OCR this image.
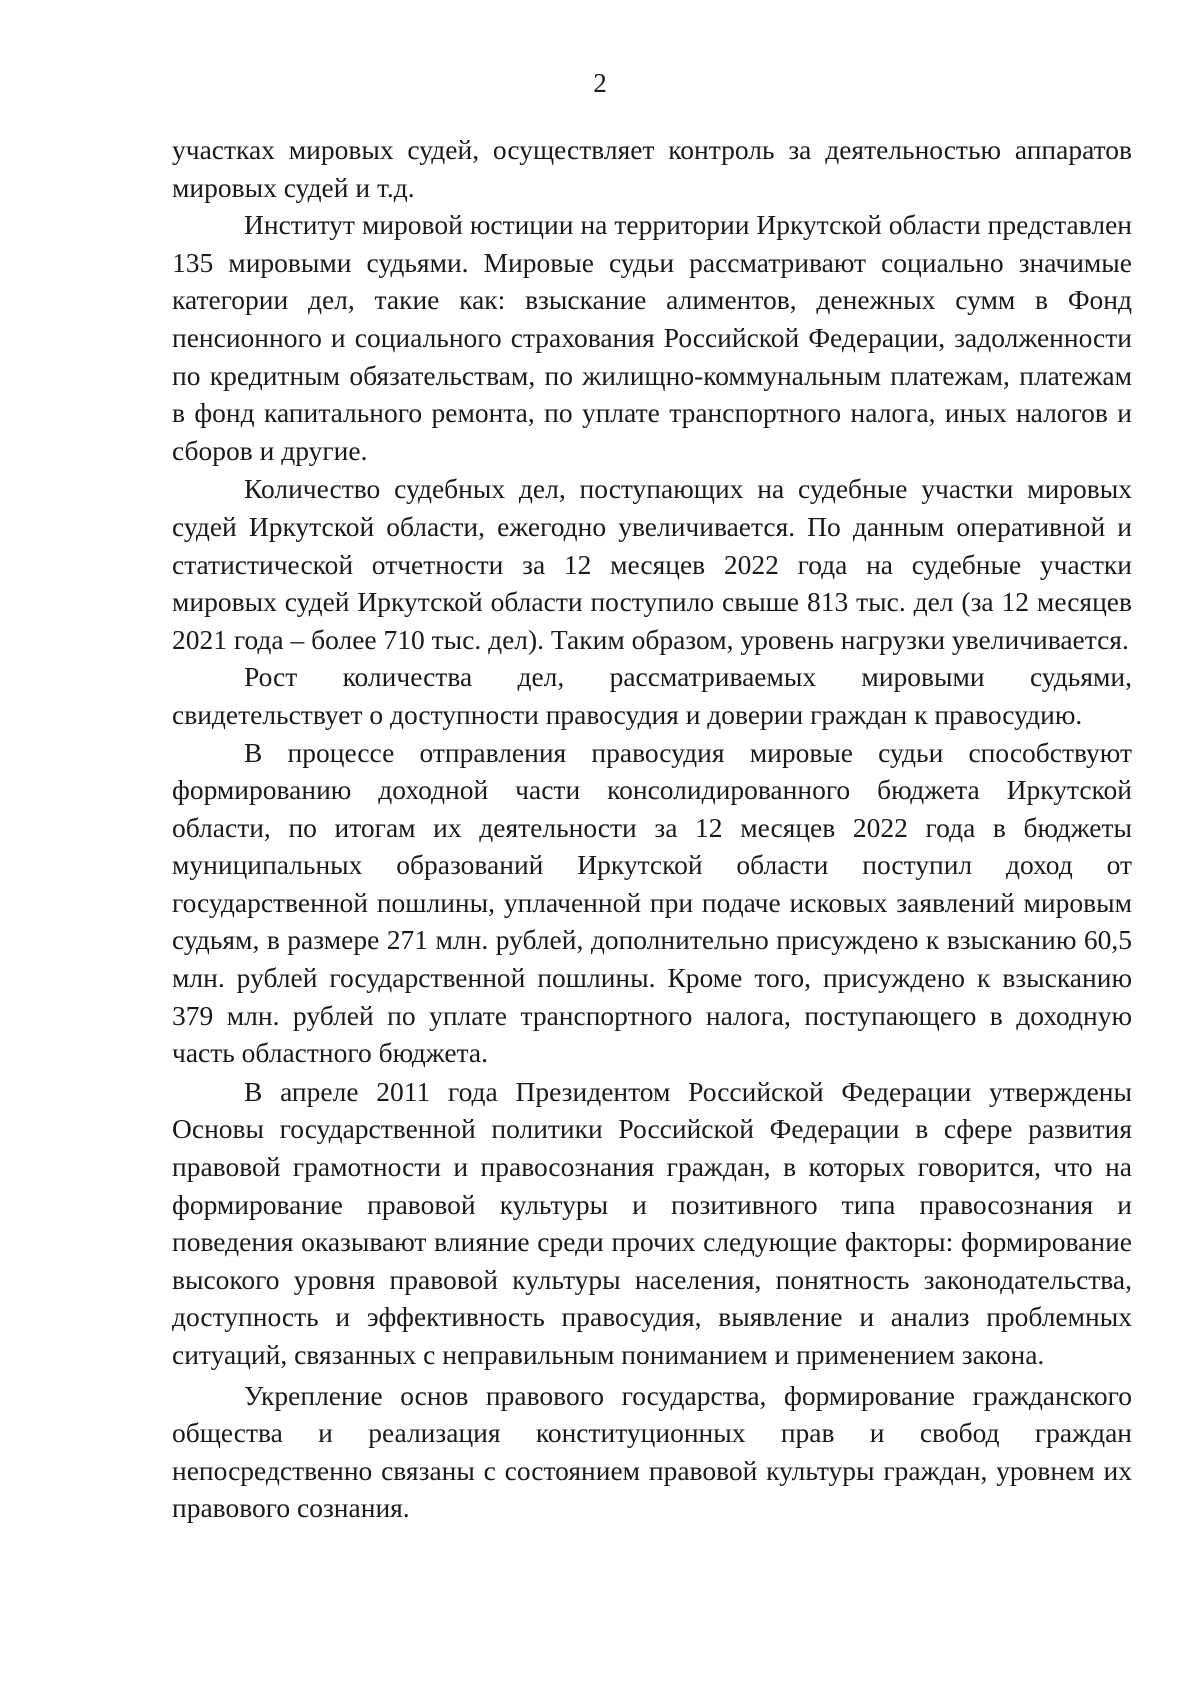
2

участках мировых судей, осуществляет контроль за деятельностью аппаратов мировых судей и т.д.

Институт мировой юстиции на территории Иркутской области представлен 135 мировыми судьями. Мировые судьи рассматривают социально значимые категории дел, такие как: взыскание алиментов, денежных сумм в Фонд пенсионного и социального страхования Российской Федерации, задолженности по кредитным обязательствам, по жилищно-коммунальным платежам, платежам в фонд капитального ремонта, по уплате транспортного налога, иных налогов и сборов и другие.

Количество судебных дел, поступающих на судебные участки мировых судей Иркутской области, ежегодно увеличивается. По данным оперативной и статистической отчетности за 12 месяцев 2022 года на судебные участки мировых судей Иркутской области поступило свыше 813 тыс. дел (за 12 месяцев 2021 года – более 710 тыс. дел). Таким образом, уровень нагрузки увеличивается.

Рост количества дел, рассматриваемых мировыми судьями, свидетельствует о доступности правосудия и доверии граждан к правосудию.

В процессе отправления правосудия мировые судьи способствуют формированию доходной части консолидированного бюджета Иркутской области, по итогам их деятельности за 12 месяцев 2022 года в бюджеты муниципальных образований Иркутской области поступил доход от государственной пошлины, уплаченной при подаче исковых заявлений мировым судьям, в размере 271 млн. рублей, дополнительно присуждено к взысканию 60,5 млн. рублей государственной пошлины. Кроме того, присуждено к взысканию 379 млн. рублей по уплате транспортного налога, поступающего в доходную часть областного бюджета.

В апреле 2011 года Президентом Российской Федерации утверждены Основы государственной политики Российской Федерации в сфере развития правовой грамотности и правосознания граждан, в которых говорится, что на формирование правовой культуры и позитивного типа правосознания и поведения оказывают влияние среди прочих следующие факторы: формирование высокого уровня правовой культуры населения, понятность законодательства, доступность и эффективность правосудия, выявление и анализ проблемных ситуаций, связанных с неправильным пониманием и применением закона.

Укрепление основ правового государства, формирование гражданского общества и реализация конституционных прав и свобод граждан непосредственно связаны с состоянием правовой культуры граждан, уровнем их правового сознания.
